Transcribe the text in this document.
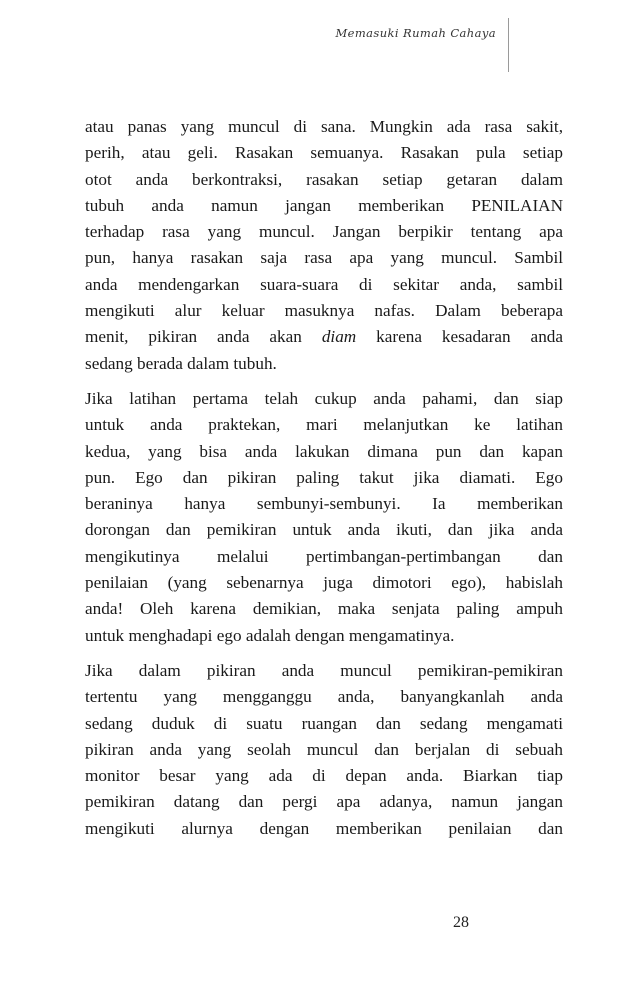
Memasuki Rumah Cahaya
atau panas yang muncul di sana. Mungkin ada rasa sakit,
perih, atau geli. Rasakan semuanya. Rasakan pula setiap
otot anda berkontraksi, rasakan setiap getaran dalam
tubuh anda namun jangan memberikan PENILAIAN
terhadap rasa yang muncul. Jangan berpikir tentang apa
pun, hanya rasakan saja rasa apa yang muncul. Sambil
anda mendengarkan suara-suara di sekitar anda, sambil
mengikuti alur keluar masuknya nafas. Dalam beberapa
menit, pikiran anda akan diam karena kesadaran anda
sedang berada dalam tubuh.
Jika latihan pertama telah cukup anda pahami, dan siap
untuk anda praktekan, mari melanjutkan ke latihan
kedua, yang bisa anda lakukan dimana pun dan kapan
pun. Ego dan pikiran paling takut jika diamati. Ego
beraninya hanya sembunyi-sembunyi. Ia memberikan
dorongan dan pemikiran untuk anda ikuti, dan jika anda
mengikutinya melalui pertimbangan-pertimbangan dan
penilaian (yang sebenarnya juga dimotori ego), habislah
anda! Oleh karena demikian, maka senjata paling ampuh
untuk menghadapi ego adalah dengan mengamatinya.
Jika dalam pikiran anda muncul pemikiran-pemikiran
tertentu yang mengganggu anda, banyangkanlah anda
sedang duduk di suatu ruangan dan sedang mengamati
pikiran anda yang seolah muncul dan berjalan di sebuah
monitor besar yang ada di depan anda. Biarkan tiap
pemikiran datang dan pergi apa adanya, namun jangan
mengikuti alurnya dengan memberikan penilaian dan
28
